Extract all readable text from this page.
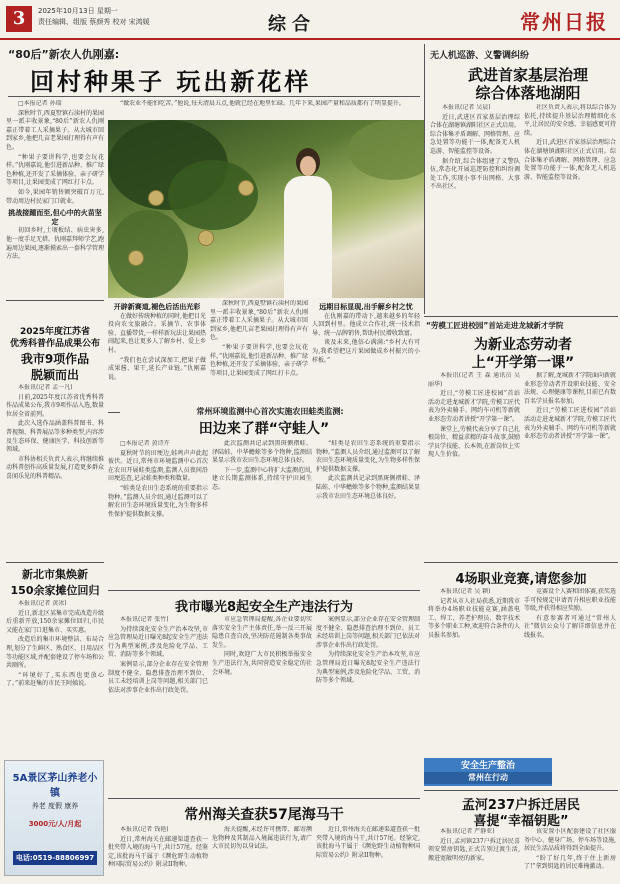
3	2025年10月13日 星期一
责任编辑、组版 蔡颜秀 校对 宋鸿媛	综合	常州日报
“80后”新农人仇刚嘉:
回村种果子 玩出新花样

□本报记者 孙瑞

深秋时节,西夏墅镇石渎村的果园里一派丰收景象,“80后”新农人仇刚嘉正带着工人采摘果子。从大城市回到家乡,他把几亩老果园打理得有声有色。

“种果子要讲科学,也要会玩花样。”仇刚嘉说,他引进新品种、推广绿色种植,还开发了采摘体验、亲子研学等项目,让果园变成了网红打卡点。

如今,果园年销售额突破百万元,带动周边村民家门口就业。

挑战接踵而至,但心中的火苗坚定

初回乡时,土壤板结、病虫害多,他一度手足无措。仇刚嘉拜师学艺,跑遍周边果园,逐渐摸索出一套科学管理方法。

“做农业不能怕吃苦。”他说,每天清晨五点,他就已经在地里忙碌。几年下来,果园产量和品质都有了明显提升。

开辟新赛道,褪色后活出光彩

在做好传统种植的同时,他把目光投向农文旅融合。采摘节、农事体验、直播带货,一样样新玩法让果园热闹起来,也让更多人了解乡村、爱上乡村。

“我们也在尝试深加工,把果子做成果酱、果干,延长产业链。”仇刚嘉说。

深秋时节,西夏墅镇石渎村的果园里一派丰收景象,“80后”新农人仇刚嘉正带着工人采摘果子。从大城市回到家乡,他把几亩老果园打理得有声有色。

“种果子要讲科学,也要会玩花样。”仇刚嘉说,他引进新品种、推广绿色种植,还开发了采摘体验、亲子研学等项目,让果园变成了网红打卡点。

远期目标显现,出手解乡村之忧

在仇刚嘉的带动下,越来越多的年轻人回到村里。他成立合作社,统一技术指导、统一品牌销售,帮助村民增收致富。

谈及未来,他信心满满:“乡村大有可为,我希望把这片果园做成乡村振兴的小样板。”

无人机巡游、义警调纠纷
武进首家基层治理
综合体落地湖阳

本报讯(记者 吴晨)

近日,武进区首家基层治理综合体在湖塘镇湖阳社区正式启用。综合体集矛盾调解、网格管理、应急处置等功能于一体,配备无人机巡游、智能监控等设备。

据介绍,综合体组建了义警队伍,常态化开展巡逻防控和纠纷调处工作,实现小事不出网格、大事不出社区。

社区负责人表示,将以综合体为依托,持续提升基层治理精细化水平,让居民的安全感、幸福感更可持续。

近日,武进区首家基层治理综合体在湖塘镇湖阳社区正式启用。综合体集矛盾调解、网格管理、应急处置等功能于一体,配备无人机巡游、智能监控等设备。

2025年度江苏省
优秀科普作品成果公布
我市9项作品
脱颖而出

本报讯(记者 孟一凡)

日前,2025年度江苏省优秀科普作品成果公布,我市9项作品入选,数量位居全省前列。

此次入选作品涵盖科普图书、科普视频、科普展品等多种类型,内容涉及生态环保、健康医学、科技创新等领域。

市科协相关负责人表示,将继续推动科普创作高质量发展,打造更多群众喜闻乐见的科普精品。

常州环境监测中心首次实施农田蛙类监测:
田边来了群“守蛙人”

□本报记者 黄诗卉

夏秋时节的田埂边,蛙鸣声声此起彼伏。近日,常州市环境监测中心首次在农田开展蛙类监测,监测人员夜间沿田埂巡查,记录蛙类种类和数量。

“蛙类是农田生态系统的重要指示物种。”监测人员介绍,通过监测可以了解农田生态环境质量变化,为生物多样性保护提供数据支撑。

此次监测共记录到黑斑侧褶蛙、泽陆蛙、中华蟾蜍等多个物种,监测结果显示我市农田生态环境总体良好。

下一步,监测中心将扩大监测范围,建立长期监测体系,持续守护田园生态。

“蛙类是农田生态系统的重要指示物种。”监测人员介绍,通过监测可以了解农田生态环境质量变化,为生物多样性保护提供数据支撑。

此次监测共记录到黑斑侧褶蛙、泽陆蛙、中华蟾蜍等多个物种,监测结果显示我市农田生态环境总体良好。

“劳模工匠进校园”首站走进龙城新才学院
为新业态劳动者
上“开学第一课”

本报讯(记者 王 森 通讯员 吴丽华)

近日,“劳模工匠进校园”首站活动走进龙城新才学院,劳模工匠代表为外卖骑手、网约车司机等新就业形态劳动者讲授“开学第一课”。

课堂上,劳模代表分享了自己扎根岗位、精益求精的奋斗故事,鼓励学员学技能、长本领,在新岗位上实现人生价值。

据了解,龙城新才学院面向新就业形态劳动者开设职业技能、安全法规、心理健康等课程,目前已有数百名学员报名参加。

近日,“劳模工匠进校园”首站活动走进龙城新才学院,劳模工匠代表为外卖骑手、网约车司机等新就业形态劳动者讲授“开学第一课”。

新北市集焕新
150余家摊位回归

本报讯(记者 黄冰)

近日,新北区某集市完成改造升级后重新开放,150余家摊位回归,市民又能在家门口逛集市、买实惠。

改造后的集市环境整洁、布局合理,划分了生鲜区、熟食区、日用品区等功能区域,并配套建设了停车场和公共厕所。

“环境好了,买东西也更放心了。”前来赶集的市民王阿姨说。

我市曝光8起安全生产违法行为

本报讯(记者 张竹)

为持续深化安全生产治本攻坚,市应急管理局近日曝光8起安全生产违法行为典型案例,涉及危险化学品、工贸、消防等多个领域。

案例显示,部分企业存在安全管理制度不健全、隐患排查治理不到位、员工未经培训上岗等问题,相关部门已依法对涉事企业作出行政处罚。

市应急管理局提醒,各企业要切实落实安全生产主体责任,举一反三开展隐患自查自改,坚决防范遏制各类事故发生。

同时,欢迎广大市民积极举报安全生产违法行为,共同营造安全稳定的社会环境。

案例显示,部分企业存在安全管理制度不健全、隐患排查治理不到位、员工未经培训上岗等问题,相关部门已依法对涉事企业作出行政处罚。

为持续深化安全生产治本攻坚,市应急管理局近日曝光8起安全生产违法行为典型案例,涉及危险化学品、工贸、消防等多个领域。

4场职业竞赛,请您参加

本报讯(记者 吴 颖)

记者从市人社局获悉,近期我市将举办4场职业技能竞赛,涵盖电工、焊工、养老护理员、数字技术等多个职业工种,欢迎符合条件的人员报名参加。

竞赛设个人赛和团体赛,获奖选手可按规定申请晋升相应职业技能等级,并获得相应奖励。

有意参赛者可通过“常州人社”微信公众号了解详细信息并在线报名。

安全生产整治
常州在行动
5A景区茅山养老小镇
养老 度假 康养
3000元/人/月起
电话:0519-88806997
常州海关查获57尾海马干

本报讯(记者 钱艳)

近日,常州海关在邮递渠道查获一批夹带入境的海马干,共计57尾。经鉴定,该批海马干属于《濒危野生动植物种国际贸易公约》附录II物种。

海关提醒,未经许可携带、邮寄濒危物种及其制品入境属违法行为,请广大市民切勿以身试法。

近日,常州海关在邮递渠道查获一批夹带入境的海马干,共计57尾。经鉴定,该批海马干属于《濒危野生动植物种国际贸易公约》附录II物种。

孟河237户拆迁居民
喜提“幸福钥匙”

本报讯(记者 严静亚)

近日,孟河镇237户拆迁居民喜领安置房钥匙,正式告别过渡生活,搬进宽敞明亮的新家。

该安置小区配套建设了社区服务中心、健身广场、停车场等设施,居民生活品质将得到全面提升。

“盼了好几年,终于住上新房了!”拿到钥匙的居民难掩激动。
